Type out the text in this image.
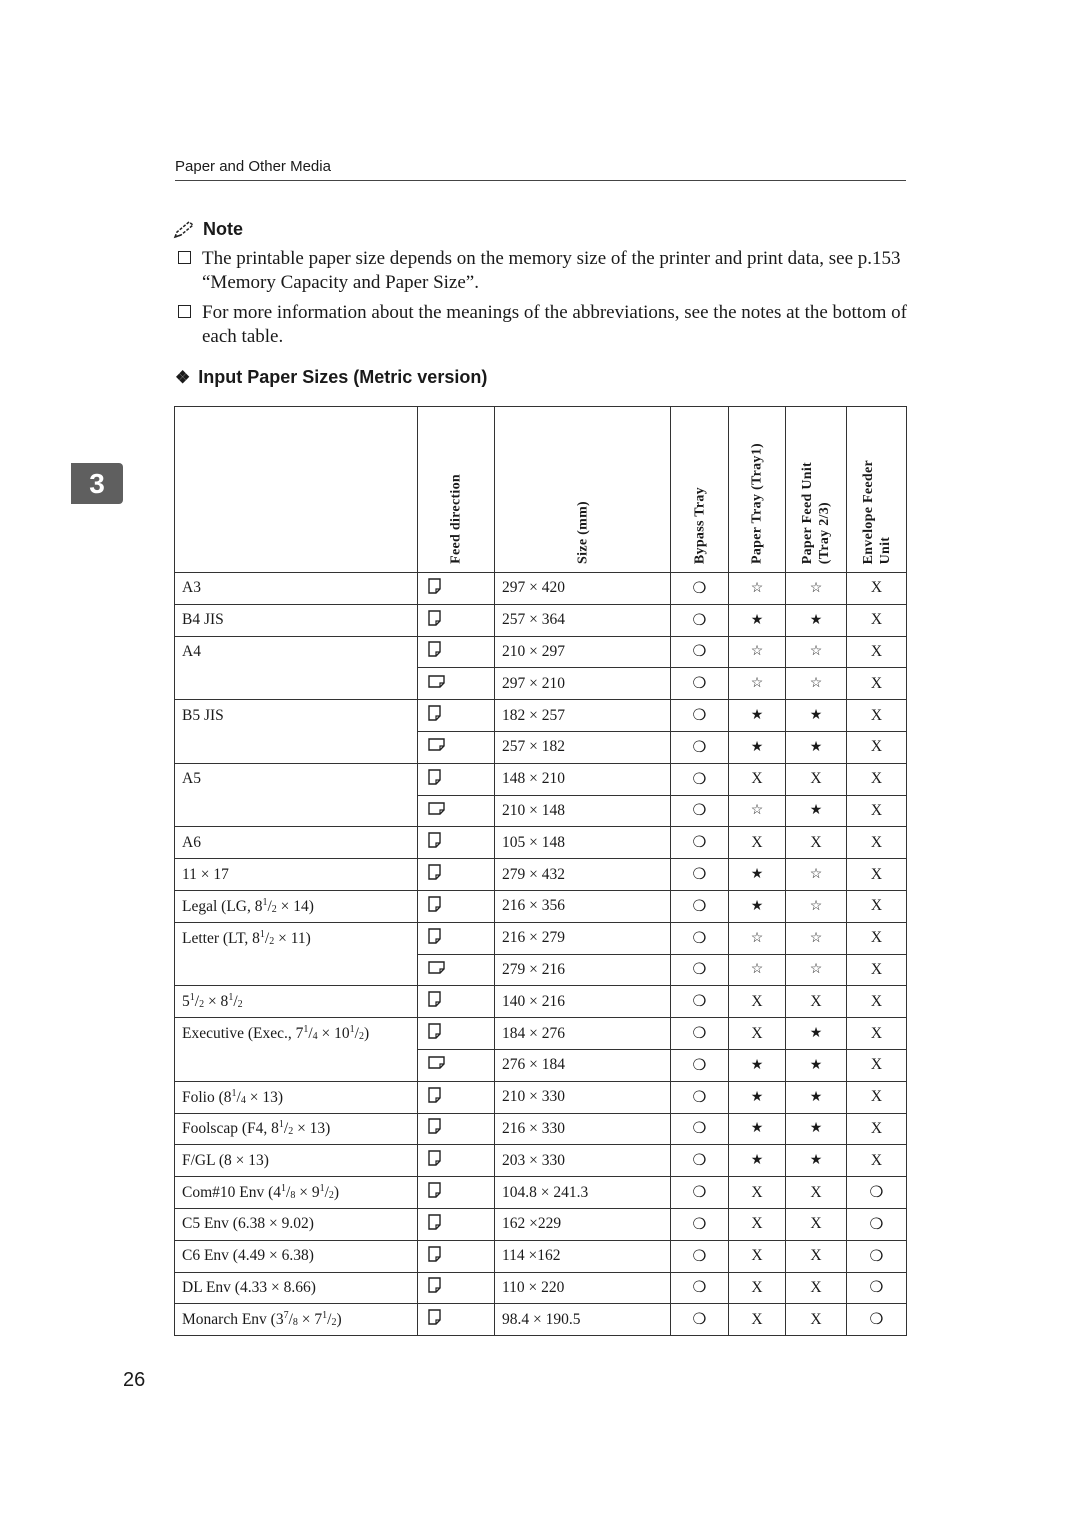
Paper and Other Media
3
Note
The printable paper size depends on the memory size of the printer and print data, see p.153 “Memory Capacity and Paper Size”.
For more information about the meanings of the abbreviations, see the notes at the bottom of each table.
❖ Input Paper Sizes (Metric version)

	Feed direction	Size (mm)	Bypass Tray	Paper Tray (Tray1)	Paper Feed Unit (Tray 2/3)	Envelope Feeder Unit

A3		297 × 420	❍	☆	☆	X
B4 JIS		257 × 364	❍	★	★	X
A4		210 × 297	❍	☆	☆	X
		297 × 210	❍	☆	☆	X
B5 JIS		182 × 257	❍	★	★	X
		257 × 182	❍	★	★	X
A5		148 × 210	❍	X	X	X
		210 × 148	❍	☆	★	X
A6		105 × 148	❍	X	X	X
11 × 17		279 × 432	❍	★	☆	X
Legal (LG, $8^1/_2 \times 14$)		216 × 356	❍	★	☆	X
Letter (LT, $8^1/_2 \times 11$)		216 × 279	❍	☆	☆	X
		279 × 216	❍	☆	☆	X
$5^1/_2 \times 8^1/_2$		140 × 216	❍	X	X	X
Executive (Exec., $7^1/_4 \times 10^1/_2$)		184 × 276	❍	X	★	X
		276 × 184	❍	★	★	X
Folio $(8^1/_4 \times 13)$		210 × 330	❍	★	★	X
Foolscap (F4, $8^1/_2 \times 13$)		216 × 330	❍	★	★	X
F/GL (8 × 13)		203 × 330	❍	★	★	X
Com#10 Env $(4^1/_8 \times 9^1/_2)$		104.8 × 241.3	❍	X	X	❍
C5 Env (6.38 × 9.02)		162 ×229	❍	X	X	❍
C6 Env (4.49 × 6.38)		114 ×162	❍	X	X	❍
DL Env (4.33 × 8.66)		110 × 220	❍	X	X	❍
Monarch Env $(3^7/_8 \times 7^1/_2)$		98.4 × 190.5	❍	X	X	❍
26
